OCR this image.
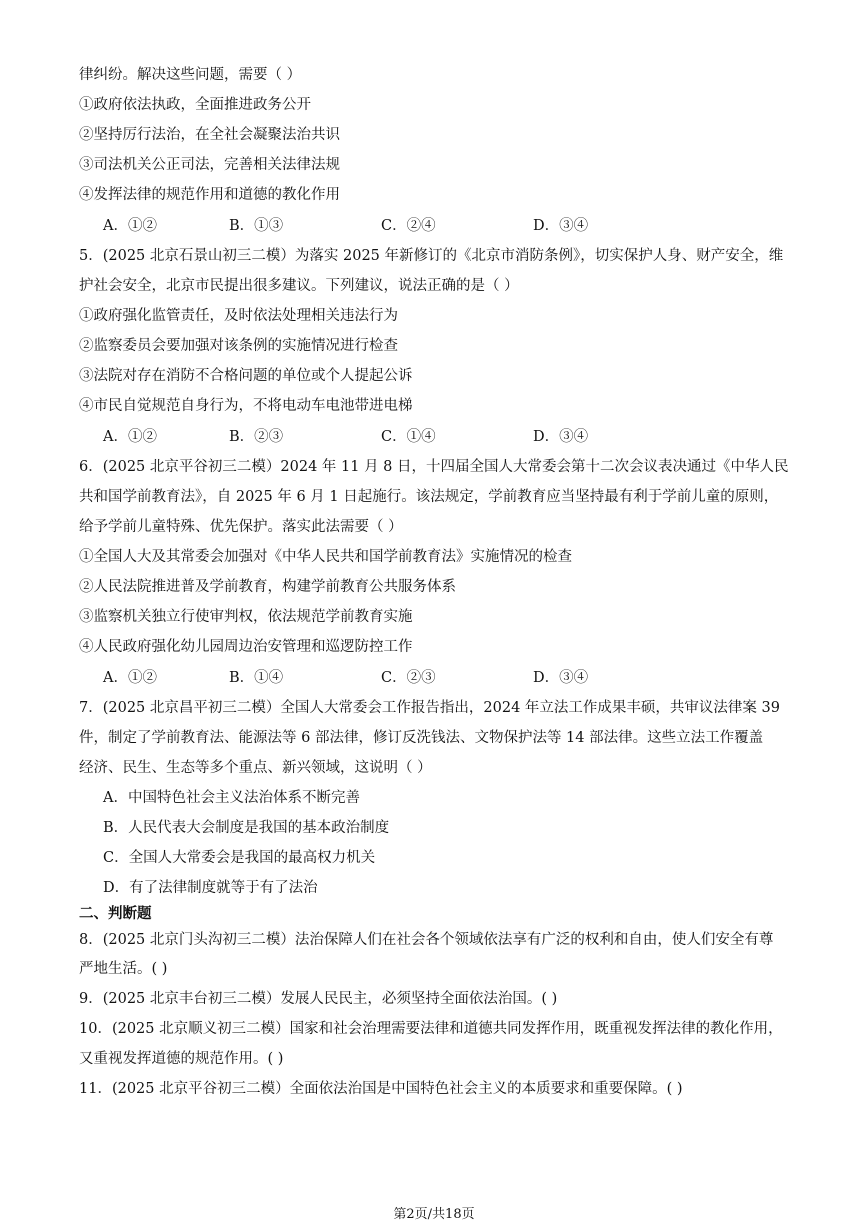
律纠纷。解决这些问题，需要（ ）
①政府依法执政，全面推进政务公开
②坚持厉行法治，在全社会凝聚法治共识
③司法机关公正司法，完善相关法律法规
④发挥法律的规范作用和道德的教化作用
A．①②	B．①③	C．②④	D．③④
5．(2025 北京石景山初三二模）为落实 2025 年新修订的《北京市消防条例》，切实保护人身、财产安全，维
护社会安全，北京市民提出很多建议。下列建议，说法正确的是（ ）
①政府强化监管责任，及时依法处理相关违法行为
②监察委员会要加强对该条例的实施情况进行检查
③法院对存在消防不合格问题的单位或个人提起公诉
④市民自觉规范自身行为，不将电动车电池带进电梯
A．①②	B．②③	C．①④	D．③④
6．(2025 北京平谷初三二模）2024 年 11 月 8 日，十四届全国人大常委会第十二次会议表决通过《中华人民
共和国学前教育法》，自 2025 年 6 月 1 日起施行。该法规定，学前教育应当坚持最有利于学前儿童的原则，
给予学前儿童特殊、优先保护。落实此法需要（ ）
①全国人大及其常委会加强对《中华人民共和国学前教育法》实施情况的检查
②人民法院推进普及学前教育，构建学前教育公共服务体系
③监察机关独立行使审判权，依法规范学前教育实施
④人民政府强化幼儿园周边治安管理和巡逻防控工作
A．①②	B．①④	C．②③	D．③④
7．(2025 北京昌平初三二模）全国人大常委会工作报告指出，2024 年立法工作成果丰硕，共审议法律案 39
件，制定了学前教育法、能源法等 6 部法律，修订反洗钱法、文物保护法等 14 部法律。这些立法工作覆盖
经济、民生、生态等多个重点、新兴领域，这说明（ ）
A．中国特色社会主义法治体系不断完善
B．人民代表大会制度是我国的基本政治制度
C．全国人大常委会是我国的最高权力机关
D．有了法律制度就等于有了法治
二、判断题
8．(2025 北京门头沟初三二模）法治保障人们在社会各个领域依法享有广泛的权利和自由，使人们安全有尊
严地生活。( )
9．(2025 北京丰台初三二模）发展人民民主，必须坚持全面依法治国。( )
10．(2025 北京顺义初三二模）国家和社会治理需要法律和道德共同发挥作用，既重视发挥法律的教化作用，
又重视发挥道德的规范作用。( )
11．(2025 北京平谷初三二模）全面依法治国是中国特色社会主义的本质要求和重要保障。( )
第2页/共18页
